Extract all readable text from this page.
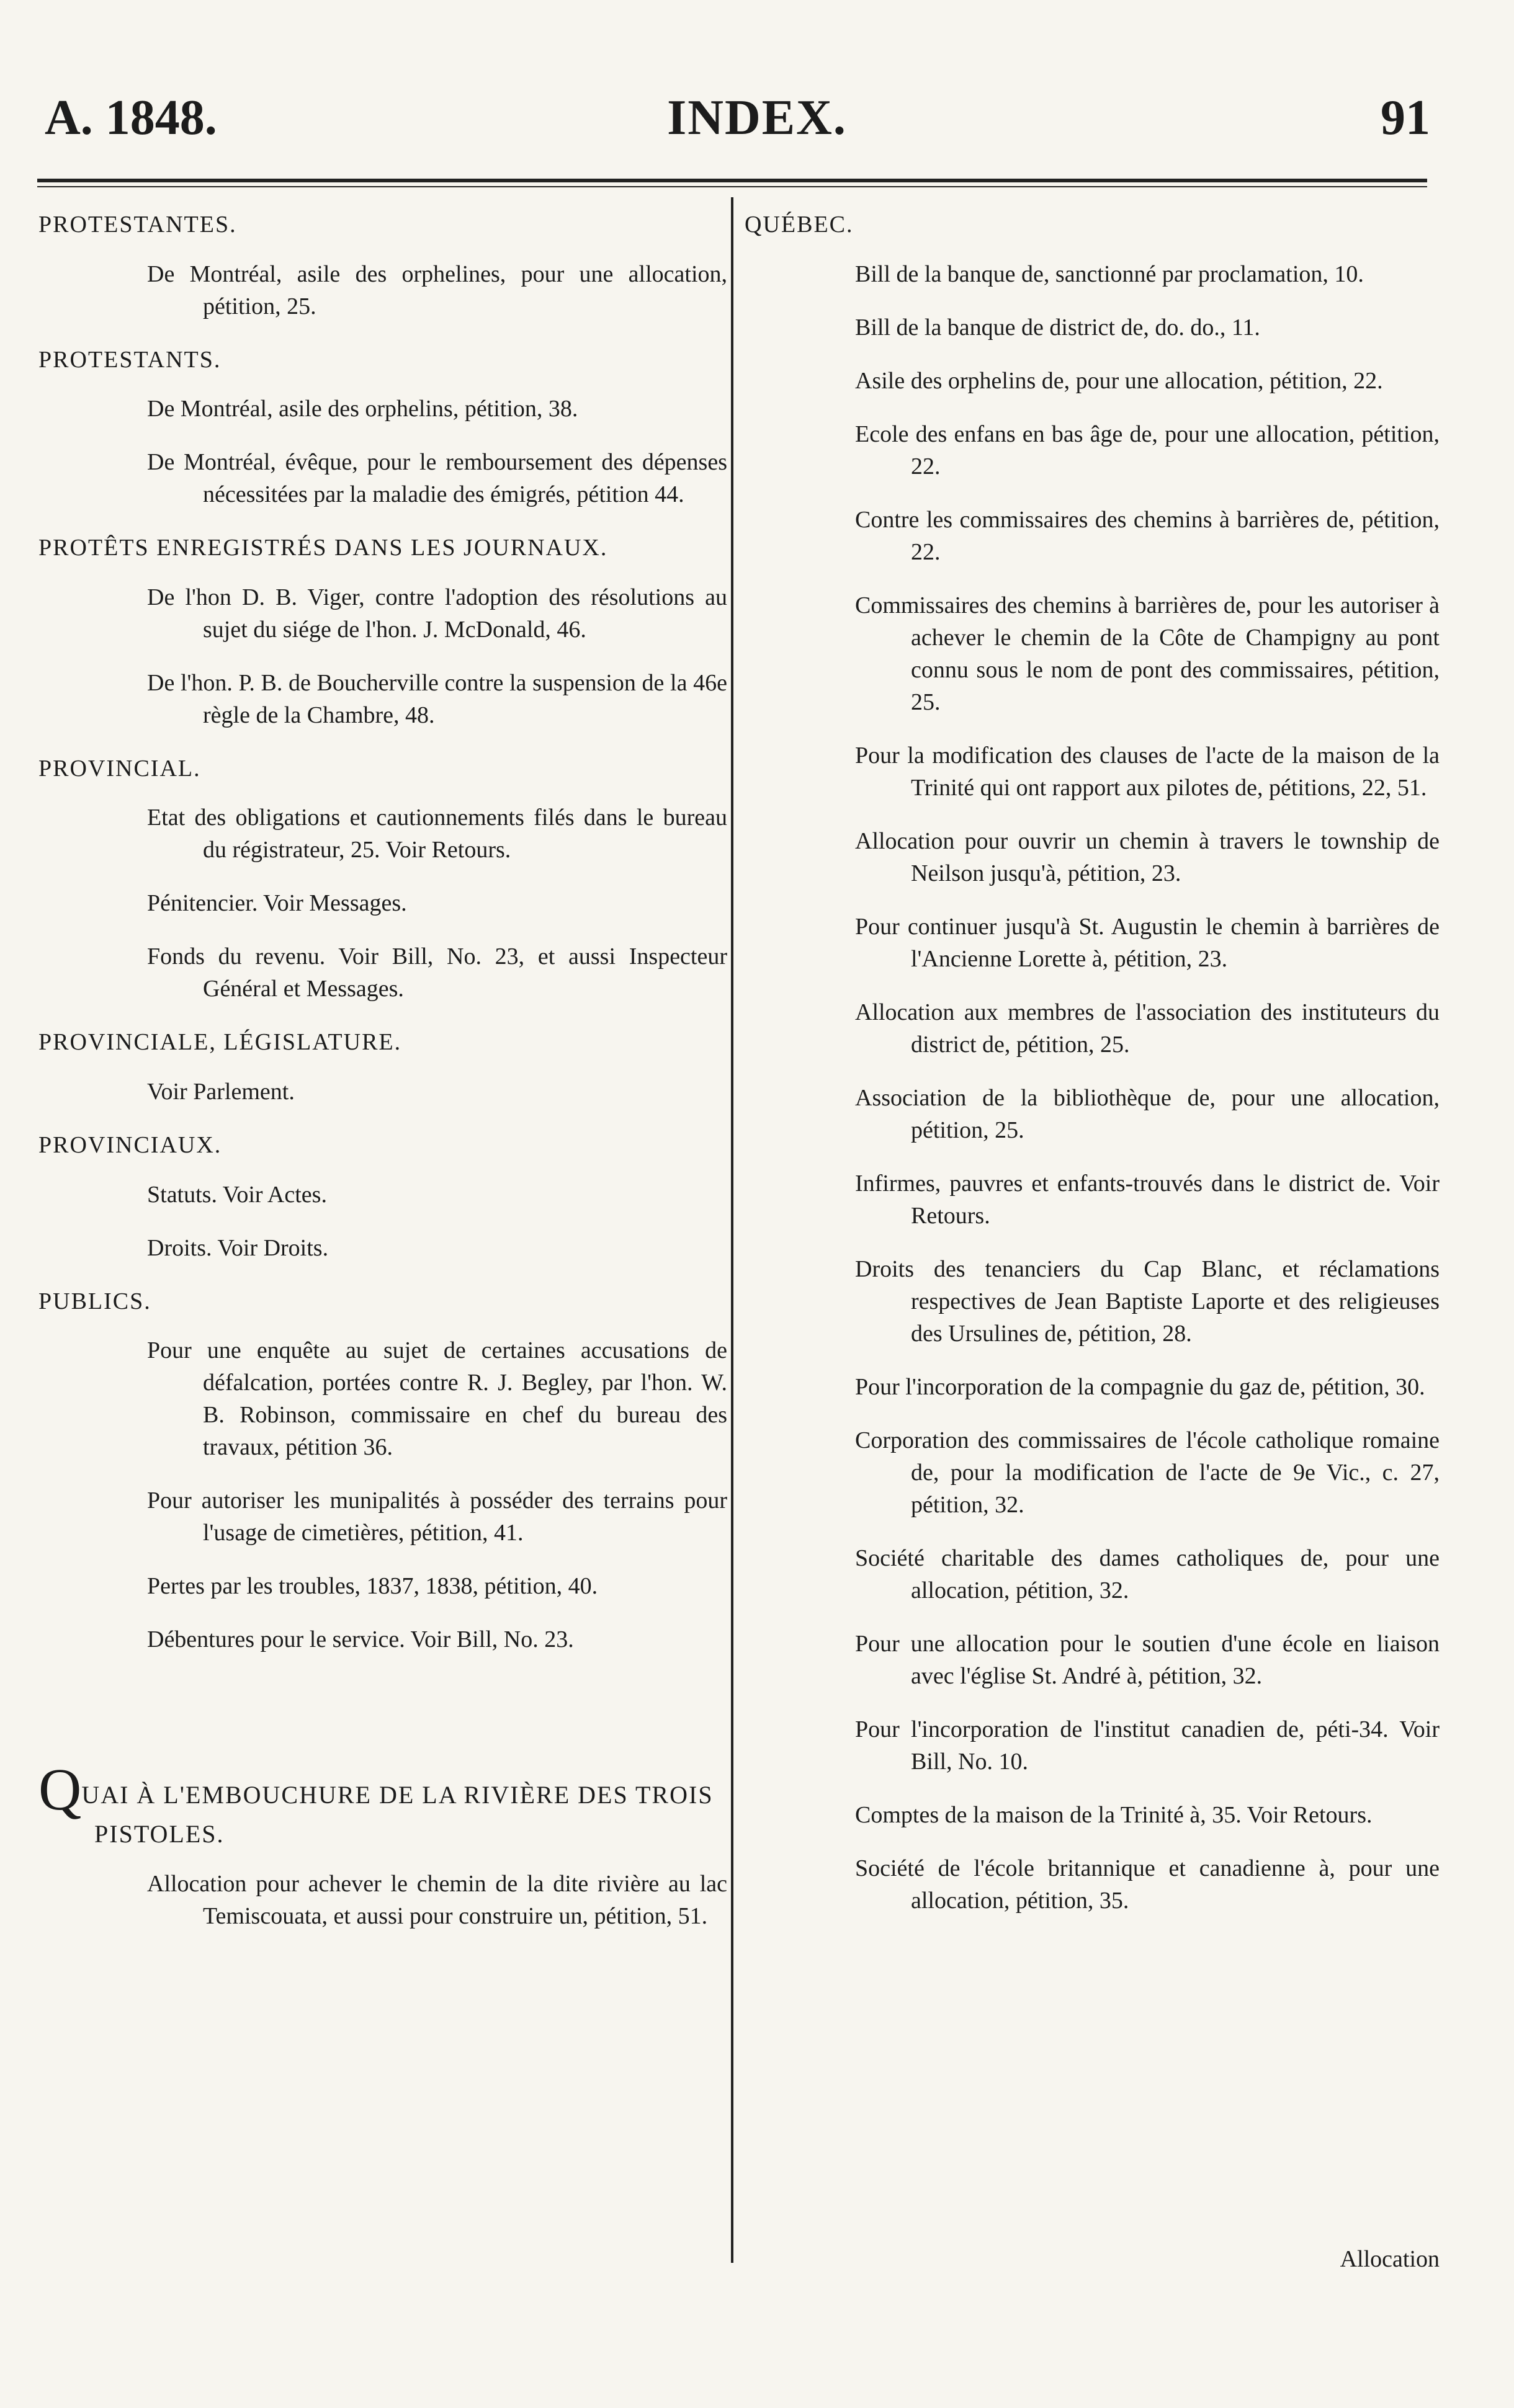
A. 1848.	INDEX.	91
PROTESTANTES.
De Montréal, asile des orphelines, pour une allocation, pétition, 25.
PROTESTANTS.
De Montréal, asile des orphelins, pétition, 38.
De Montréal, évêque, pour le remboursement des dépenses nécessitées par la maladie des émigrés, pétition 44.
PROTÊTS ENREGISTRÉS DANS LES JOURNAUX.
De l'hon D. B. Viger, contre l'adoption des résolutions au sujet du siége de l'hon. J. McDonald, 46.
De l'hon. P. B. de Boucherville contre la suspension de la 46e règle de la Chambre, 48.
PROVINCIAL.
Etat des obligations et cautionnements filés dans le bureau du régistrateur, 25. Voir Retours.
Pénitencier. Voir Messages.
Fonds du revenu. Voir Bill, No. 23, et aussi Inspecteur Général et Messages.
PROVINCIALE, LÉGISLATURE.
Voir Parlement.
PROVINCIAUX.
Statuts. Voir Actes.
Droits. Voir Droits.
PUBLICS.
Pour une enquête au sujet de certaines accusations de défalcation, portées contre R. J. Begley, par l'hon. W. B. Robinson, commissaire en chef du bureau des travaux, pétition 36.
Pour autoriser les munipalités à posséder des terrains pour l'usage de cimetières, pétition, 41.
Pertes par les troubles, 1837, 1838, pétition, 40.
Débentures pour le service. Voir Bill, No. 23.
QUAI À L'EMBOUCHURE DE LA RIVIÈRE DES TROIS PISTOLES.
Allocation pour achever le chemin de la dite rivière au lac Temiscouata, et aussi pour construire un, pétition, 51.
QUÉBEC.
Bill de la banque de, sanctionné par proclamation, 10.
Bill de la banque de district de, do. do., 11.
Asile des orphelins de, pour une allocation, pétition, 22.
Ecole des enfans en bas âge de, pour une allocation, pétition, 22.
Contre les commissaires des chemins à barrières de, pétition, 22.
Commissaires des chemins à barrières de, pour les autoriser à achever le chemin de la Côte de Champigny au pont connu sous le nom de pont des commissaires, pétition, 25.
Pour la modification des clauses de l'acte de la maison de la Trinité qui ont rapport aux pilotes de, pétitions, 22, 51.
Allocation pour ouvrir un chemin à travers le township de Neilson jusqu'à, pétition, 23.
Pour continuer jusqu'à St. Augustin le chemin à barrières de l'Ancienne Lorette à, pétition, 23.
Allocation aux membres de l'association des instituteurs du district de, pétition, 25.
Association de la bibliothèque de, pour une allocation, pétition, 25.
Infirmes, pauvres et enfants-trouvés dans le district de. Voir Retours.
Droits des tenanciers du Cap Blanc, et réclamations respectives de Jean Baptiste Laporte et des religieuses des Ursulines de, pétition, 28.
Pour l'incorporation de la compagnie du gaz de, pétition, 30.
Corporation des commissaires de l'école catholique romaine de, pour la modification de l'acte de 9e Vic., c. 27, pétition, 32.
Société charitable des dames catholiques de, pour une allocation, pétition, 32.
Pour une allocation pour le soutien d'une école en liaison avec l'église St. André à, pétition, 32.
Pour l'incorporation de l'institut canadien de, péti-34. Voir Bill, No. 10.
Comptes de la maison de la Trinité à, 35. Voir Retours.
Société de l'école britannique et canadienne à, pour une allocation, pétition, 35.
Allocation
